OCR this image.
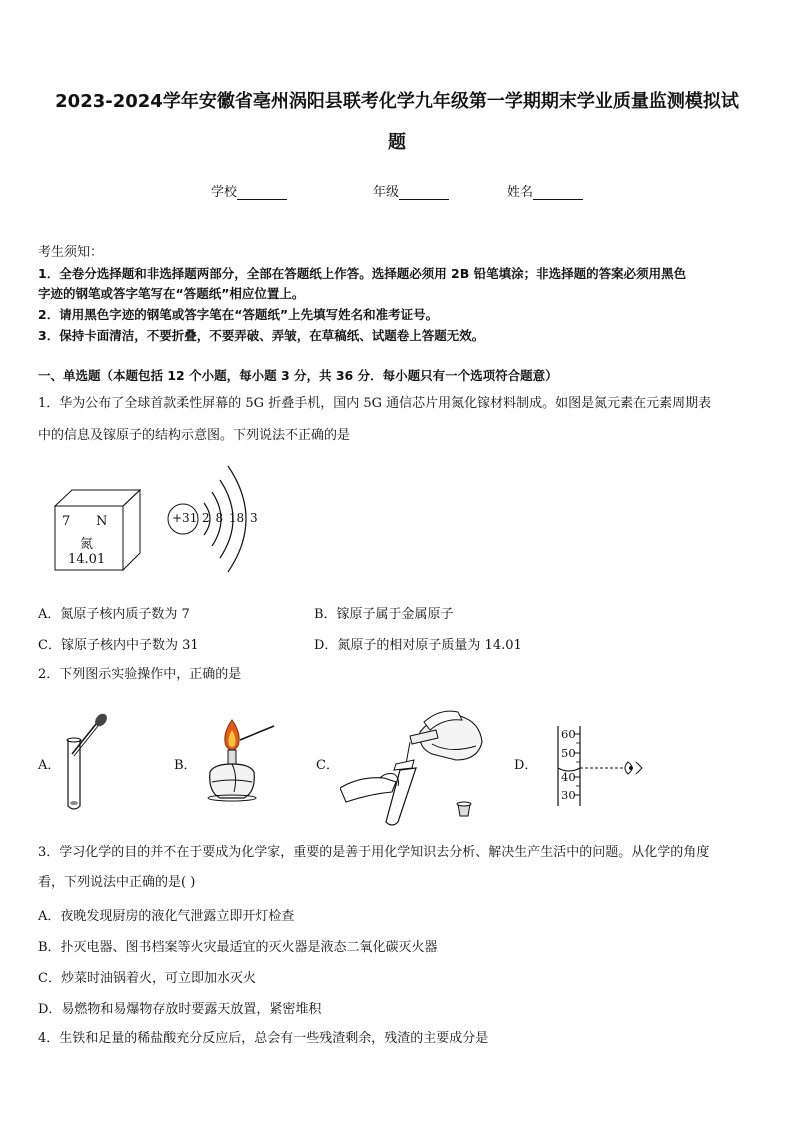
2023-2024学年安徽省亳州涡阳县联考化学九年级第一学期期末学业质量监测模拟试
题
学校	年级	姓名
考生须知：
1．全卷分选择题和非选择题两部分，全部在答题纸上作答。选择题必须用 2B 铅笔填涂；非选择题的答案必须用黑色
字迹的钢笔或答字笔写在“答题纸”相应位置上。
2．请用黑色字迹的钢笔或答字笔在“答题纸”上先填写姓名和准考证号。
3．保持卡面清洁，不要折叠，不要弄破、弄皱，在草稿纸、试题卷上答题无效。
一、单选题（本题包括 12 个小题，每小题 3 分，共 36 分．每小题只有一个选项符合题意）
1．华为公布了全球首款柔性屏幕的 5G 折叠手机，国内 5G 通信芯片用氮化镓材料制成。如图是氮元素在元素周期表
中的信息及镓原子的结构示意图。下列说法不正确的是
7 N
氮
14.01
+31 2 8 18 3
A．氮原子核内质子数为 7	B．镓原子属于金属原子
C．镓原子核内中子数为 31	D．氮原子的相对原子质量为 14.01
2．下列图示实验操作中，正确的是
A．	B．	C．	D．
60
50
40
30
3．学习化学的目的并不在于要成为化学家，重要的是善于用化学知识去分析、解决生产生活中的问题。从化学的角度
看，下列说法中正确的是( )
A．夜晚发现厨房的液化气泄露立即开灯检查
B．扑灭电器、图书档案等火灾最适宜的灭火器是液态二氧化碳灭火器
C．炒菜时油锅着火，可立即加水灭火
D．易燃物和易爆物存放时要露天放置，紧密堆积
4．生铁和足量的稀盐酸充分反应后，总会有一些残渣剩余，残渣的主要成分是
